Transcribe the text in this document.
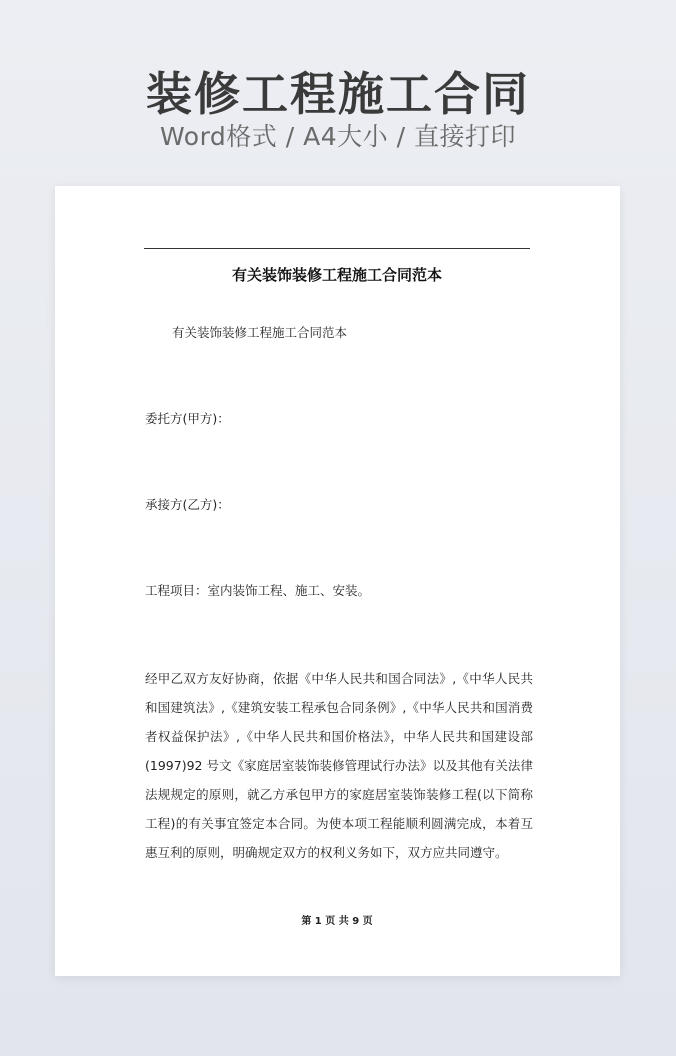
装修工程施工合同
Word格式 / A4大小 / 直接打印
有关装饰装修工程施工合同范本
有关装饰装修工程施工合同范本
委托方(甲方)：
承接方(乙方)：
工程项目：室内装饰工程、施工、安装。
经甲乙双方友好协商，依据《中华人民共和国合同法》,《中华人民共和国建筑法》,《建筑安装工程承包合同条例》,《中华人民共和国消费者权益保护法》,《中华人民共和国价格法》，中华人民共和国建设部(1997)92 号文《家庭居室装饰装修管理试行办法》以及其他有关法律法规规定的原则，就乙方承包甲方的家庭居室装饰装修工程(以下简称工程)的有关事宜签定本合同。为使本项工程能顺利圆满完成，本着互惠互利的原则，明确规定双方的权利义务如下，双方应共同遵守。
第 1 页 共 9 页
